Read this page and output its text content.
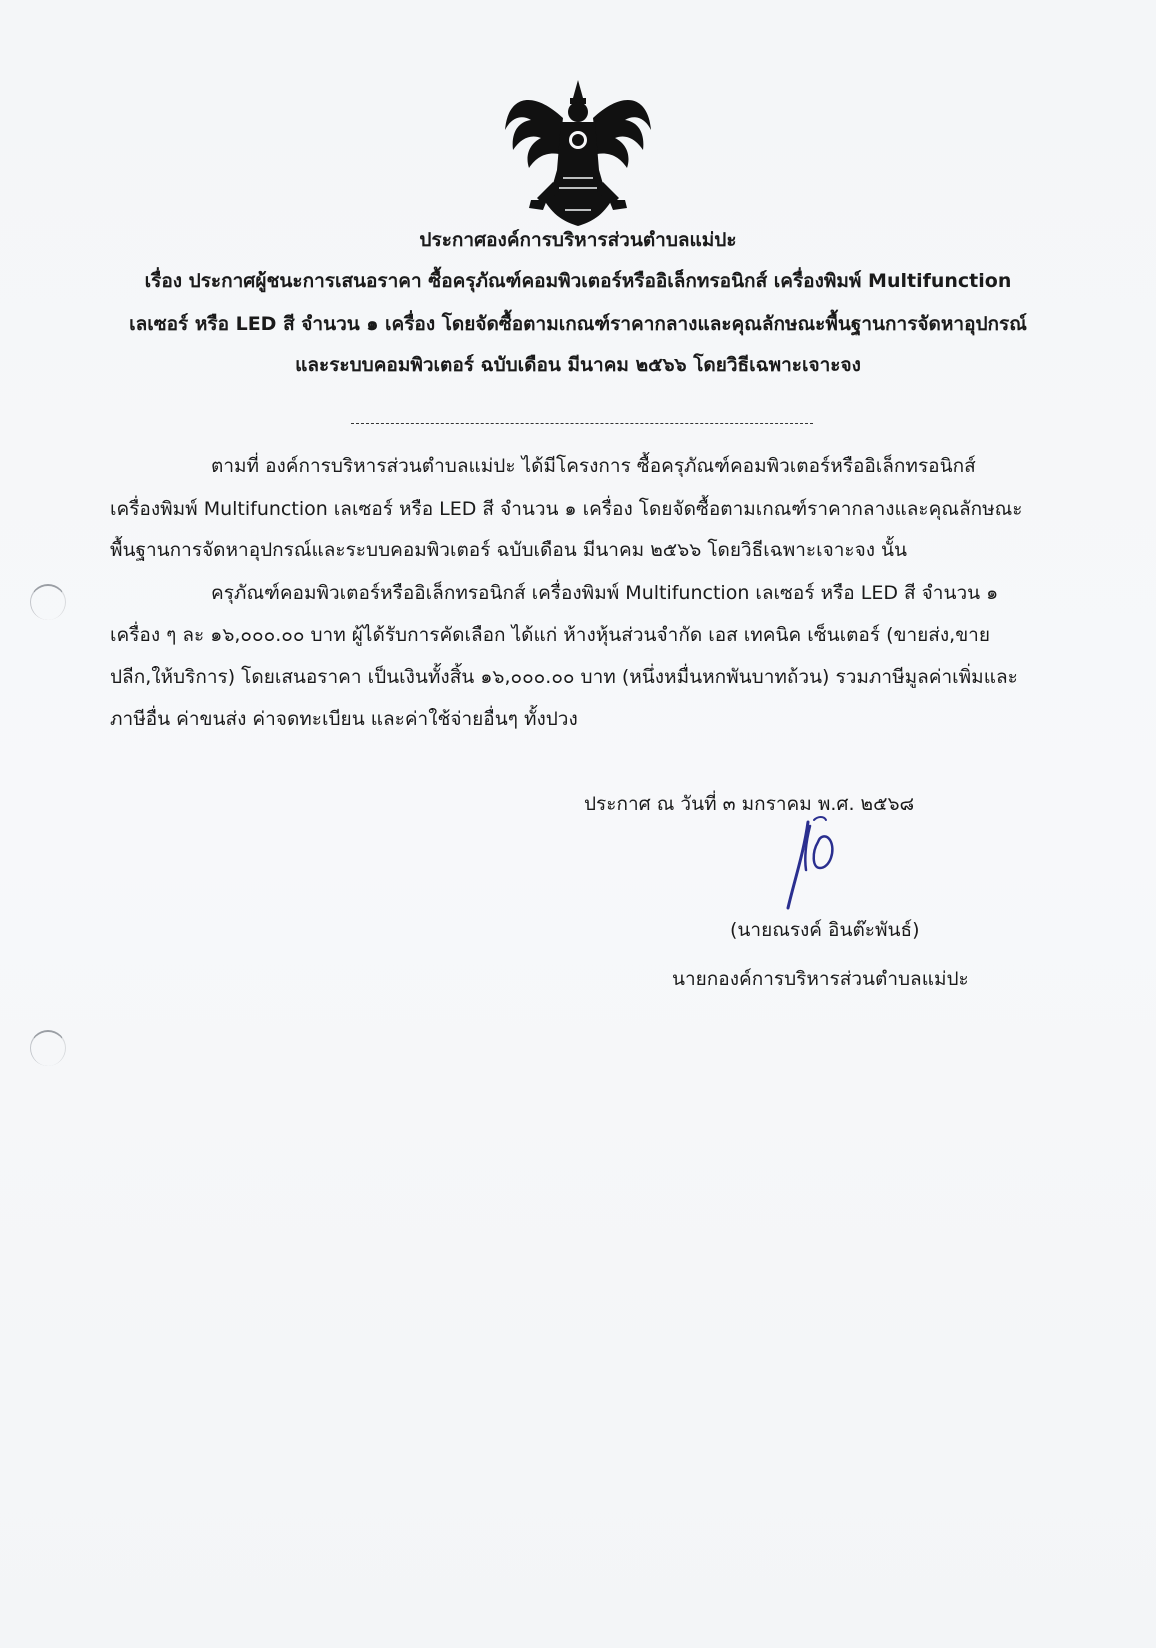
ประกาศองค์การบริหารส่วนตำบลแม่ปะ
เรื่อง ประกาศผู้ชนะการเสนอราคา ซื้อครุภัณฑ์คอมพิวเตอร์หรืออิเล็กทรอนิกส์ เครื่องพิมพ์ Multifunction
เลเซอร์ หรือ LED สี จำนวน ๑ เครื่อง โดยจัดซื้อตามเกณฑ์ราคากลางและคุณลักษณะพื้นฐานการจัดหาอุปกรณ์
และระบบคอมพิวเตอร์ ฉบับเดือน มีนาคม ๒๕๖๖ โดยวิธีเฉพาะเจาะจง
ตามที่ องค์การบริหารส่วนตำบลแม่ปะ ได้มีโครงการ ซื้อครุภัณฑ์คอมพิวเตอร์หรืออิเล็กทรอนิกส์
เครื่องพิมพ์ Multifunction เลเซอร์ หรือ LED สี จำนวน ๑ เครื่อง โดยจัดซื้อตามเกณฑ์ราคากลางและคุณลักษณะ
พื้นฐานการจัดหาอุปกรณ์และระบบคอมพิวเตอร์ ฉบับเดือน มีนาคม ๒๕๖๖ โดยวิธีเฉพาะเจาะจง นั้น
ครุภัณฑ์คอมพิวเตอร์หรืออิเล็กทรอนิกส์ เครื่องพิมพ์ Multifunction เลเซอร์ หรือ LED สี จำนวน ๑
เครื่อง ๆ ละ ๑๖,๐๐๐.๐๐ บาท ผู้ได้รับการคัดเลือก ได้แก่ ห้างหุ้นส่วนจำกัด เอส เทคนิค เซ็นเตอร์ (ขายส่ง,ขาย
ปลีก,ให้บริการ) โดยเสนอราคา เป็นเงินทั้งสิ้น ๑๖,๐๐๐.๐๐ บาท (หนึ่งหมื่นหกพันบาทถ้วน) รวมภาษีมูลค่าเพิ่มและ
ภาษีอื่น ค่าขนส่ง ค่าจดทะเบียน และค่าใช้จ่ายอื่นๆ ทั้งปวง
ประกาศ ณ วันที่ ๓ มกราคม พ.ศ. ๒๕๖๘
(นายณรงค์ อินต๊ะพันธ์)
นายกองค์การบริหารส่วนตำบลแม่ปะ
